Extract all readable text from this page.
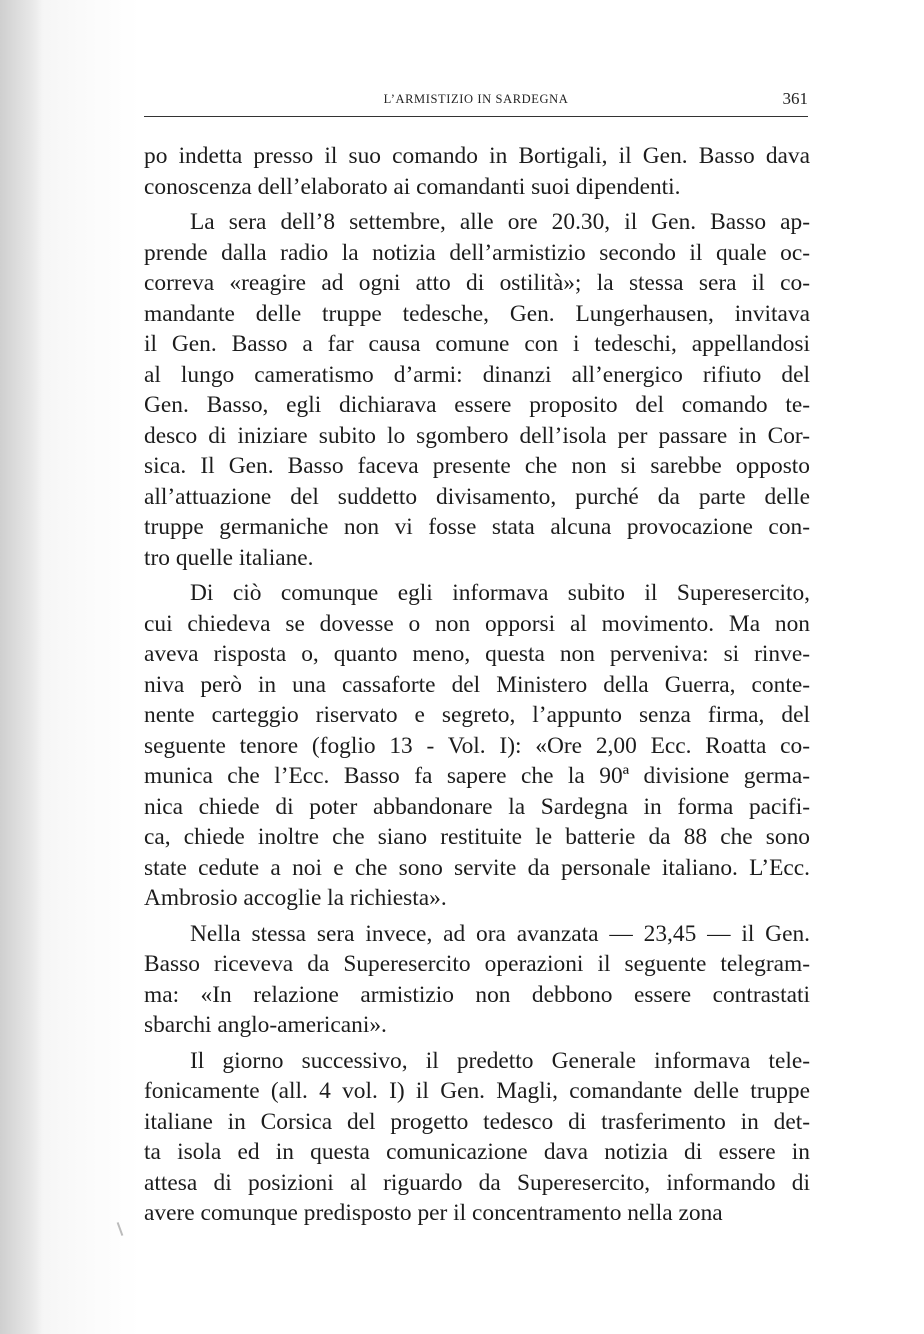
L’ARMISTIZIO IN SARDEGNA	361
po indetta presso il suo comando in Bortigali, il Gen. Basso dava
conoscenza dell’elaborato ai comandanti suoi dipendenti.
La sera dell’8 settembre, alle ore 20.30, il Gen. Basso ap-
prende dalla radio la notizia dell’armistizio secondo il quale oc-
correva «reagire ad ogni atto di ostilità»; la stessa sera il co-
mandante delle truppe tedesche, Gen. Lungerhausen, invitava
il Gen. Basso a far causa comune con i tedeschi, appellandosi
al lungo cameratismo d’armi: dinanzi all’energico rifiuto del
Gen. Basso, egli dichiarava essere proposito del comando te-
desco di iniziare subito lo sgombero dell’isola per passare in Cor-
sica. Il Gen. Basso faceva presente che non si sarebbe opposto
all’attuazione del suddetto divisamento, purché da parte delle
truppe germaniche non vi fosse stata alcuna provocazione con-
tro quelle italiane.
Di ciò comunque egli informava subito il Superesercito,
cui chiedeva se dovesse o non opporsi al movimento. Ma non
aveva risposta o, quanto meno, questa non perveniva: si rinve-
niva però in una cassaforte del Ministero della Guerra, conte-
nente carteggio riservato e segreto, l’appunto senza firma, del
seguente tenore (foglio 13 - Vol. I): «Ore 2,00 Ecc. Roatta co-
munica che l’Ecc. Basso fa sapere che la 90ª divisione germa-
nica chiede di poter abbandonare la Sardegna in forma pacifi-
ca, chiede inoltre che siano restituite le batterie da 88 che sono
state cedute a noi e che sono servite da personale italiano. L’Ecc.
Ambrosio accoglie la richiesta».
Nella stessa sera invece, ad ora avanzata — 23,45 — il Gen.
Basso riceveva da Superesercito operazioni il seguente telegram-
ma: «In relazione armistizio non debbono essere contrastati
sbarchi anglo-americani».
Il giorno successivo, il predetto Generale informava tele-
fonicamente (all. 4 vol. I) il Gen. Magli, comandante delle truppe
italiane in Corsica del progetto tedesco di trasferimento in det-
ta isola ed in questa comunicazione dava notizia di essere in
attesa di posizioni al riguardo da Superesercito, informando di
avere comunque predisposto per il concentramento nella zona
